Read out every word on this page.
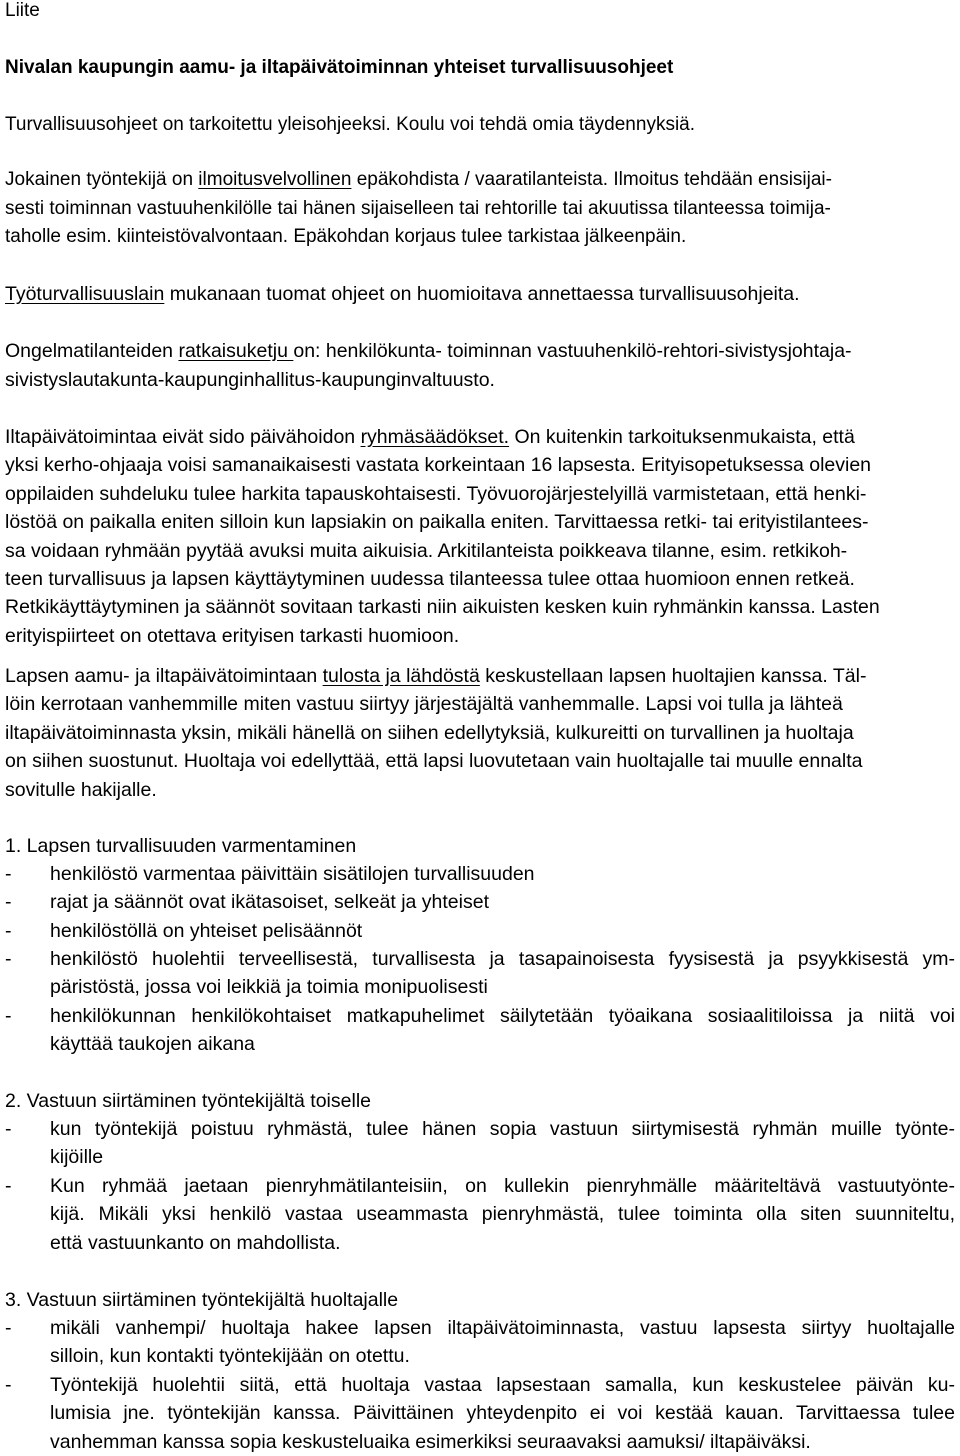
Liite
Nivalan kaupungin aamu- ja iltapäivätoiminnan yhteiset turvallisuusohjeet
Turvallisuusohjeet on tarkoitettu yleisohjeeksi. Koulu voi tehdä omia täydennyksiä.
Jokainen työntekijä on ilmoitusvelvollinen epäkohdista / vaaratilanteista. Ilmoitus tehdään ensisijai-
sesti toiminnan vastuuhenkilölle tai hänen sijaiselleen tai rehtorille tai akuutissa tilanteessa toimija-
taholle esim. kiinteistövalvontaan. Epäkohdan korjaus tulee tarkistaa jälkeenpäin.
Työturvallisuuslain mukanaan tuomat ohjeet on huomioitava annettaessa turvallisuusohjeita.
Ongelmatilanteiden ratkaisuketju on: henkilökunta- toiminnan vastuuhenkilö-rehtori-sivistysjohtaja-
sivistyslautakunta-kaupunginhallitus-kaupunginvaltuusto.
Iltapäivätoimintaa eivät sido päivähoidon ryhmäsäädökset. On kuitenkin tarkoituksenmukaista, että
yksi kerho-ohjaaja voisi samanaikaisesti vastata korkeintaan 16 lapsesta. Erityisopetuksessa olevien
oppilaiden suhdeluku tulee harkita tapauskohtaisesti. Työvuorojärjestelyillä varmistetaan, että henki-
löstöä on paikalla eniten silloin kun lapsiakin on paikalla eniten. Tarvittaessa retki- tai erityistilantees-
sa voidaan ryhmään pyytää avuksi muita aikuisia. Arkitilanteista poikkeava tilanne, esim. retkikoh-
teen turvallisuus ja lapsen käyttäytyminen uudessa tilanteessa tulee ottaa huomioon ennen retkeä.
Retkikäyttäytyminen ja säännöt sovitaan tarkasti niin aikuisten kesken kuin ryhmänkin kanssa. Lasten
erityispiirteet on otettava erityisen tarkasti huomioon.
Lapsen aamu- ja iltapäivätoimintaan tulosta ja lähdöstä keskustellaan lapsen huoltajien kanssa. Täl-
löin kerrotaan vanhemmille miten vastuu siirtyy järjestäjältä vanhemmalle. Lapsi voi tulla ja lähteä
iltapäivätoiminnasta yksin, mikäli hänellä on siihen edellytyksiä, kulkureitti on turvallinen ja huoltaja
on siihen suostunut. Huoltaja voi edellyttää, että lapsi luovutetaan vain huoltajalle tai muulle ennalta
sovitulle hakijalle.
1. Lapsen turvallisuuden varmentaminen
- henkilöstö varmentaa päivittäin sisätilojen turvallisuuden
- rajat ja säännöt ovat ikätasoiset, selkeät ja yhteiset
- henkilöstöllä on yhteiset pelisäännöt
- henkilöstö huolehtii terveellisestä, turvallisesta ja tasapainoisesta fyysisestä ja psyykkisestä ym-
päristöstä, jossa voi leikkiä ja toimia monipuolisesti
- henkilökunnan henkilökohtaiset matkapuhelimet säilytetään työaikana sosiaalitiloissa ja niitä voi
käyttää taukojen aikana
2. Vastuun siirtäminen työntekijältä toiselle
- kun työntekijä poistuu ryhmästä, tulee hänen sopia vastuun siirtymisestä ryhmän muille työnte-
kijöille
- Kun ryhmää jaetaan pienryhmätilanteisiin, on kullekin pienryhmälle määriteltävä vastuutyönte-
kijä. Mikäli yksi henkilö vastaa useammasta pienryhmästä, tulee toiminta olla siten suunniteltu,
että vastuunkanto on mahdollista.
3. Vastuun siirtäminen työntekijältä huoltajalle
- mikäli vanhempi/ huoltaja hakee lapsen iltapäivätoiminnasta, vastuu lapsesta siirtyy huoltajalle
silloin, kun kontakti työntekijään on otettu.
- Työntekijä huolehtii siitä, että huoltaja vastaa lapsestaan samalla, kun keskustelee päivän ku-
lumisia jne. työntekijän kanssa. Päivittäinen yhteydenpito ei voi kestää kauan. Tarvittaessa tulee
vanhemman kanssa sopia keskusteluaika esimerkiksi seuraavaksi aamuksi/ iltapäiväksi.
